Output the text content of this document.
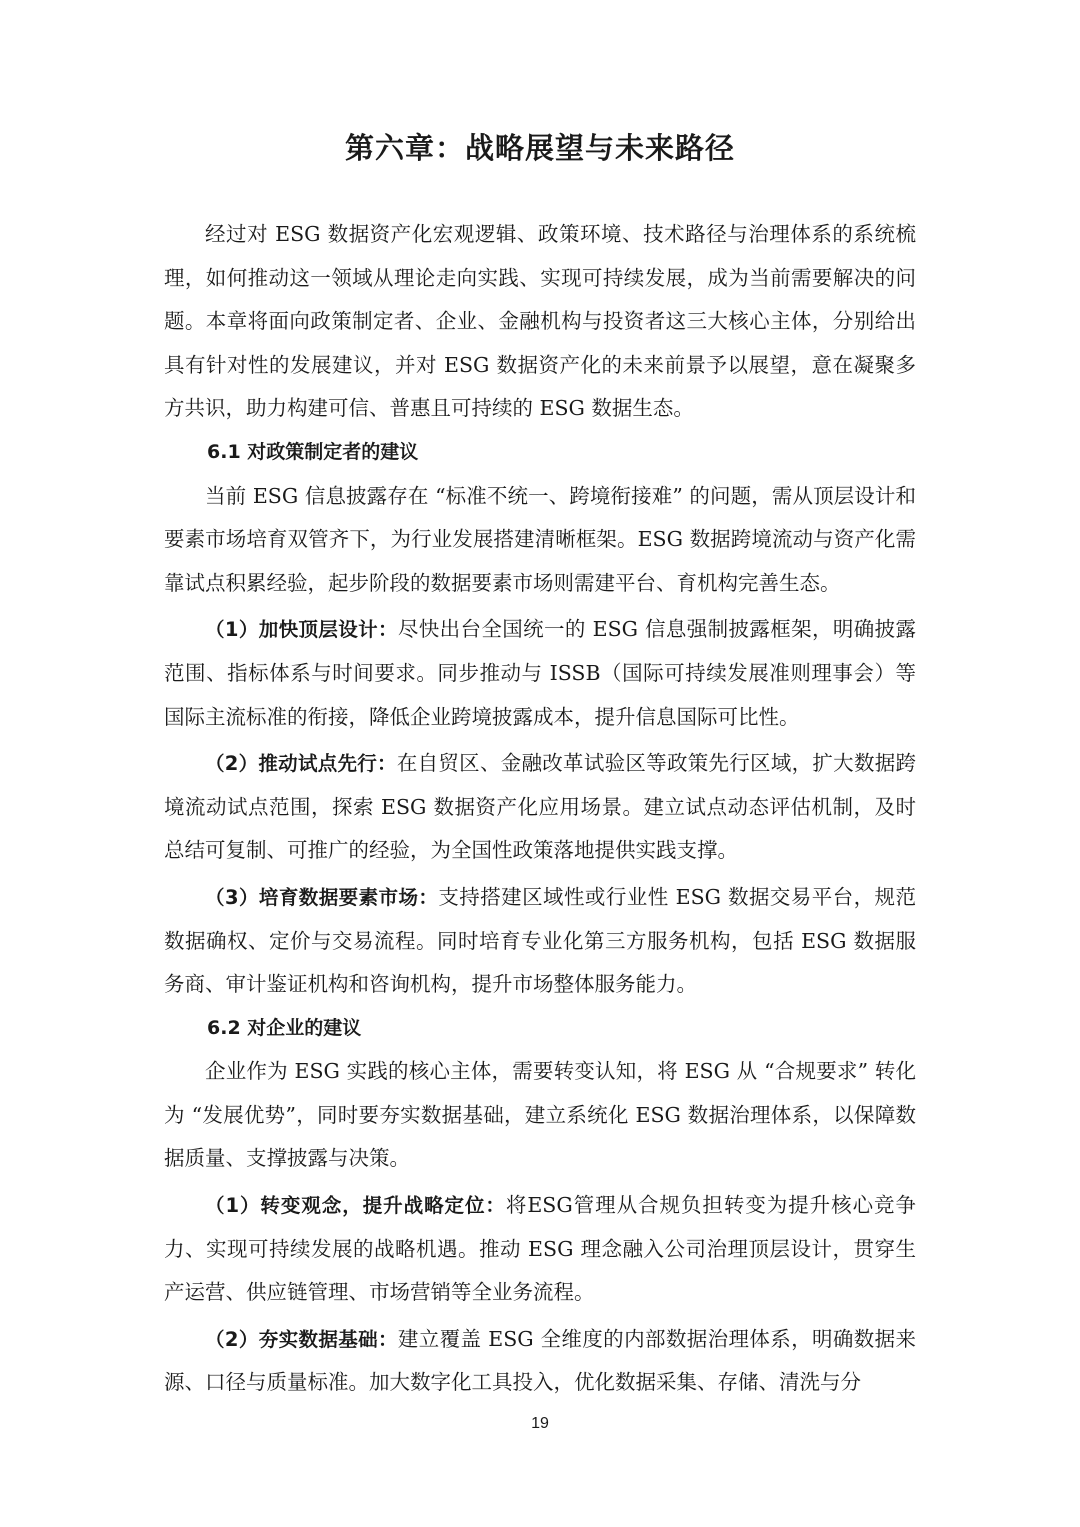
第六章：战略展望与未来路径

经过对 ESG 数据资产化宏观逻辑、政策环境、技术路径与治理体系的系统梳理，如何推动这一领域从理论走向实践、实现可持续发展，成为当前需要解决的问题。本章将面向政策制定者、企业、金融机构与投资者这三大核心主体，分别给出具有针对性的发展建议，并对 ESG 数据资产化的未来前景予以展望，意在凝聚多方共识，助力构建可信、普惠且可持续的 ESG 数据生态。

6.1 对政策制定者的建议

当前 ESG 信息披露存在 “标准不统一、跨境衔接难” 的问题，需从顶层设计和要素市场培育双管齐下，为行业发展搭建清晰框架。ESG 数据跨境流动与资产化需靠试点积累经验，起步阶段的数据要素市场则需建平台、育机构完善生态。

（1）加快顶层设计：尽快出台全国统一的 ESG 信息强制披露框架，明确披露范围、指标体系与时间要求。同步推动与 ISSB（国际可持续发展准则理事会）等国际主流标准的衔接，降低企业跨境披露成本，提升信息国际可比性。

（2）推动试点先行：在自贸区、金融改革试验区等政策先行区域，扩大数据跨境流动试点范围，探索 ESG 数据资产化应用场景。建立试点动态评估机制，及时总结可复制、可推广的经验，为全国性政策落地提供实践支撑。

（3）培育数据要素市场：支持搭建区域性或行业性 ESG 数据交易平台，规范数据确权、定价与交易流程。同时培育专业化第三方服务机构，包括 ESG 数据服务商、审计鉴证机构和咨询机构，提升市场整体服务能力。

6.2 对企业的建议

企业作为 ESG 实践的核心主体，需要转变认知，将 ESG 从 “合规要求” 转化为 “发展优势”，同时要夯实数据基础，建立系统化 ESG 数据治理体系，以保障数据质量、支撑披露与决策。

（1）转变观念，提升战略定位：将ESG管理从合规负担转变为提升核心竞争力、实现可持续发展的战略机遇。推动 ESG 理念融入公司治理顶层设计，贯穿生产运营、供应链管理、市场营销等全业务流程。

（2）夯实数据基础：建立覆盖 ESG 全维度的内部数据治理体系，明确数据来源、口径与质量标准。加大数字化工具投入，优化数据采集、存储、清洗与分

19
